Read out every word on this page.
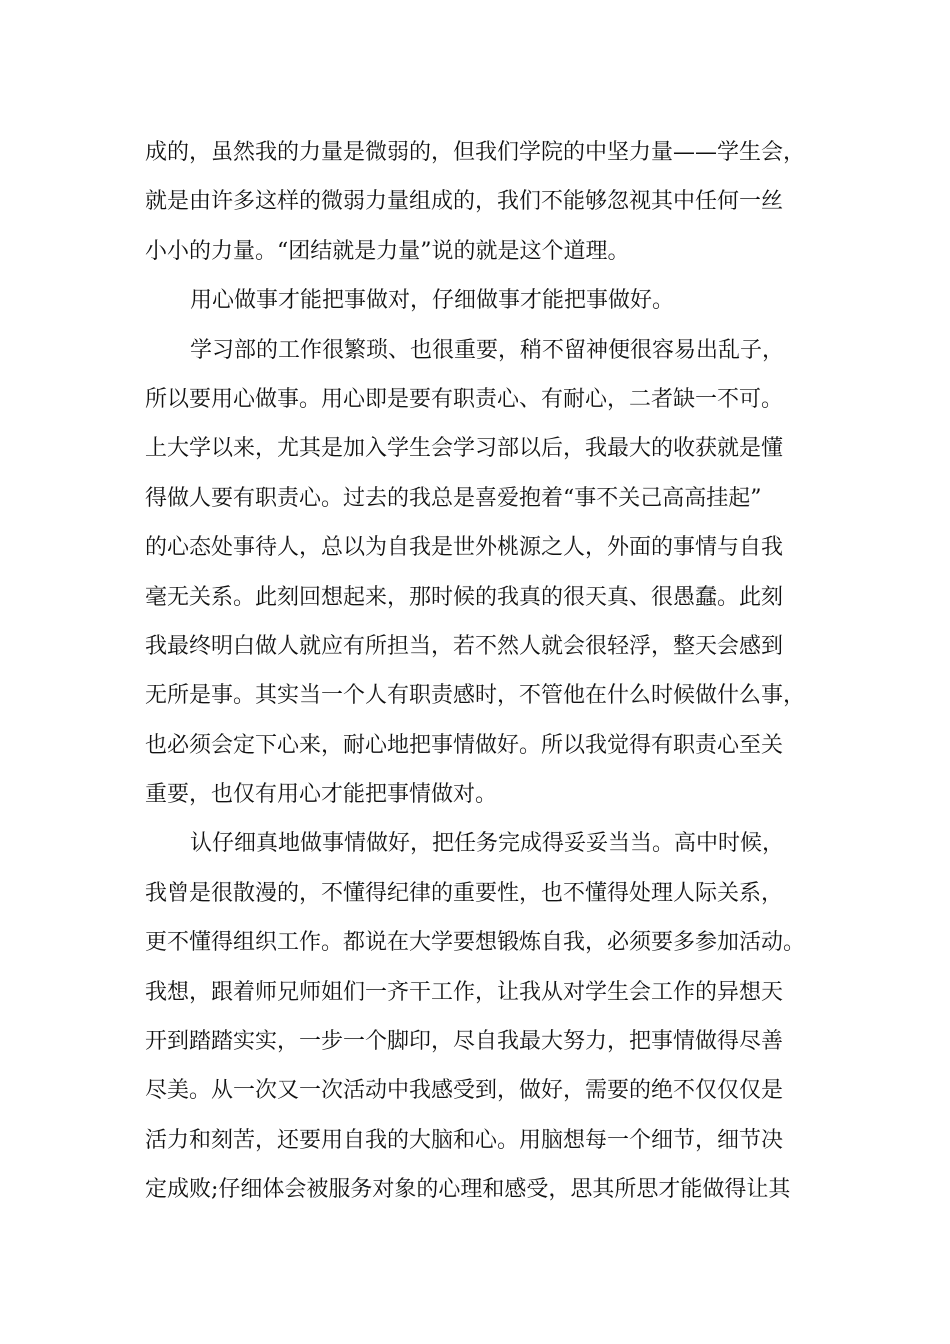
成的，虽然我的力量是微弱的，但我们学院的中坚力量——学生会，
就是由许多这样的微弱力量组成的，我们不能够忽视其中任何一丝
小小的力量。“团结就是力量”说的就是这个道理。
用心做事才能把事做对，仔细做事才能把事做好。
学习部的工作很繁琐、也很重要，稍不留神便很容易出乱子，
所以要用心做事。用心即是要有职责心、有耐心，二者缺一不可。
上大学以来，尤其是加入学生会学习部以后，我最大的收获就是懂
得做人要有职责心。过去的我总是喜爱抱着“事不关己高高挂起”
的心态处事待人，总以为自我是世外桃源之人，外面的事情与自我
毫无关系。此刻回想起来，那时候的我真的很天真、很愚蠢。此刻
我最终明白做人就应有所担当，若不然人就会很轻浮，整天会感到
无所是事。其实当一个人有职责感时，不管他在什么时候做什么事，
也必须会定下心来，耐心地把事情做好。所以我觉得有职责心至关
重要，也仅有用心才能把事情做对。
认仔细真地做事情做好，把任务完成得妥妥当当。高中时候，
我曾是很散漫的，不懂得纪律的重要性，也不懂得处理人际关系，
更不懂得组织工作。都说在大学要想锻炼自我，必须要多参加活动。
我想，跟着师兄师姐们一齐干工作，让我从对学生会工作的异想天
开到踏踏实实，一步一个脚印，尽自我最大努力，把事情做得尽善
尽美。从一次又一次活动中我感受到，做好，需要的绝不仅仅仅是
活力和刻苦，还要用自我的大脑和心。用脑想每一个细节，细节决
定成败;仔细体会被服务对象的心理和感受，思其所思才能做得让其
